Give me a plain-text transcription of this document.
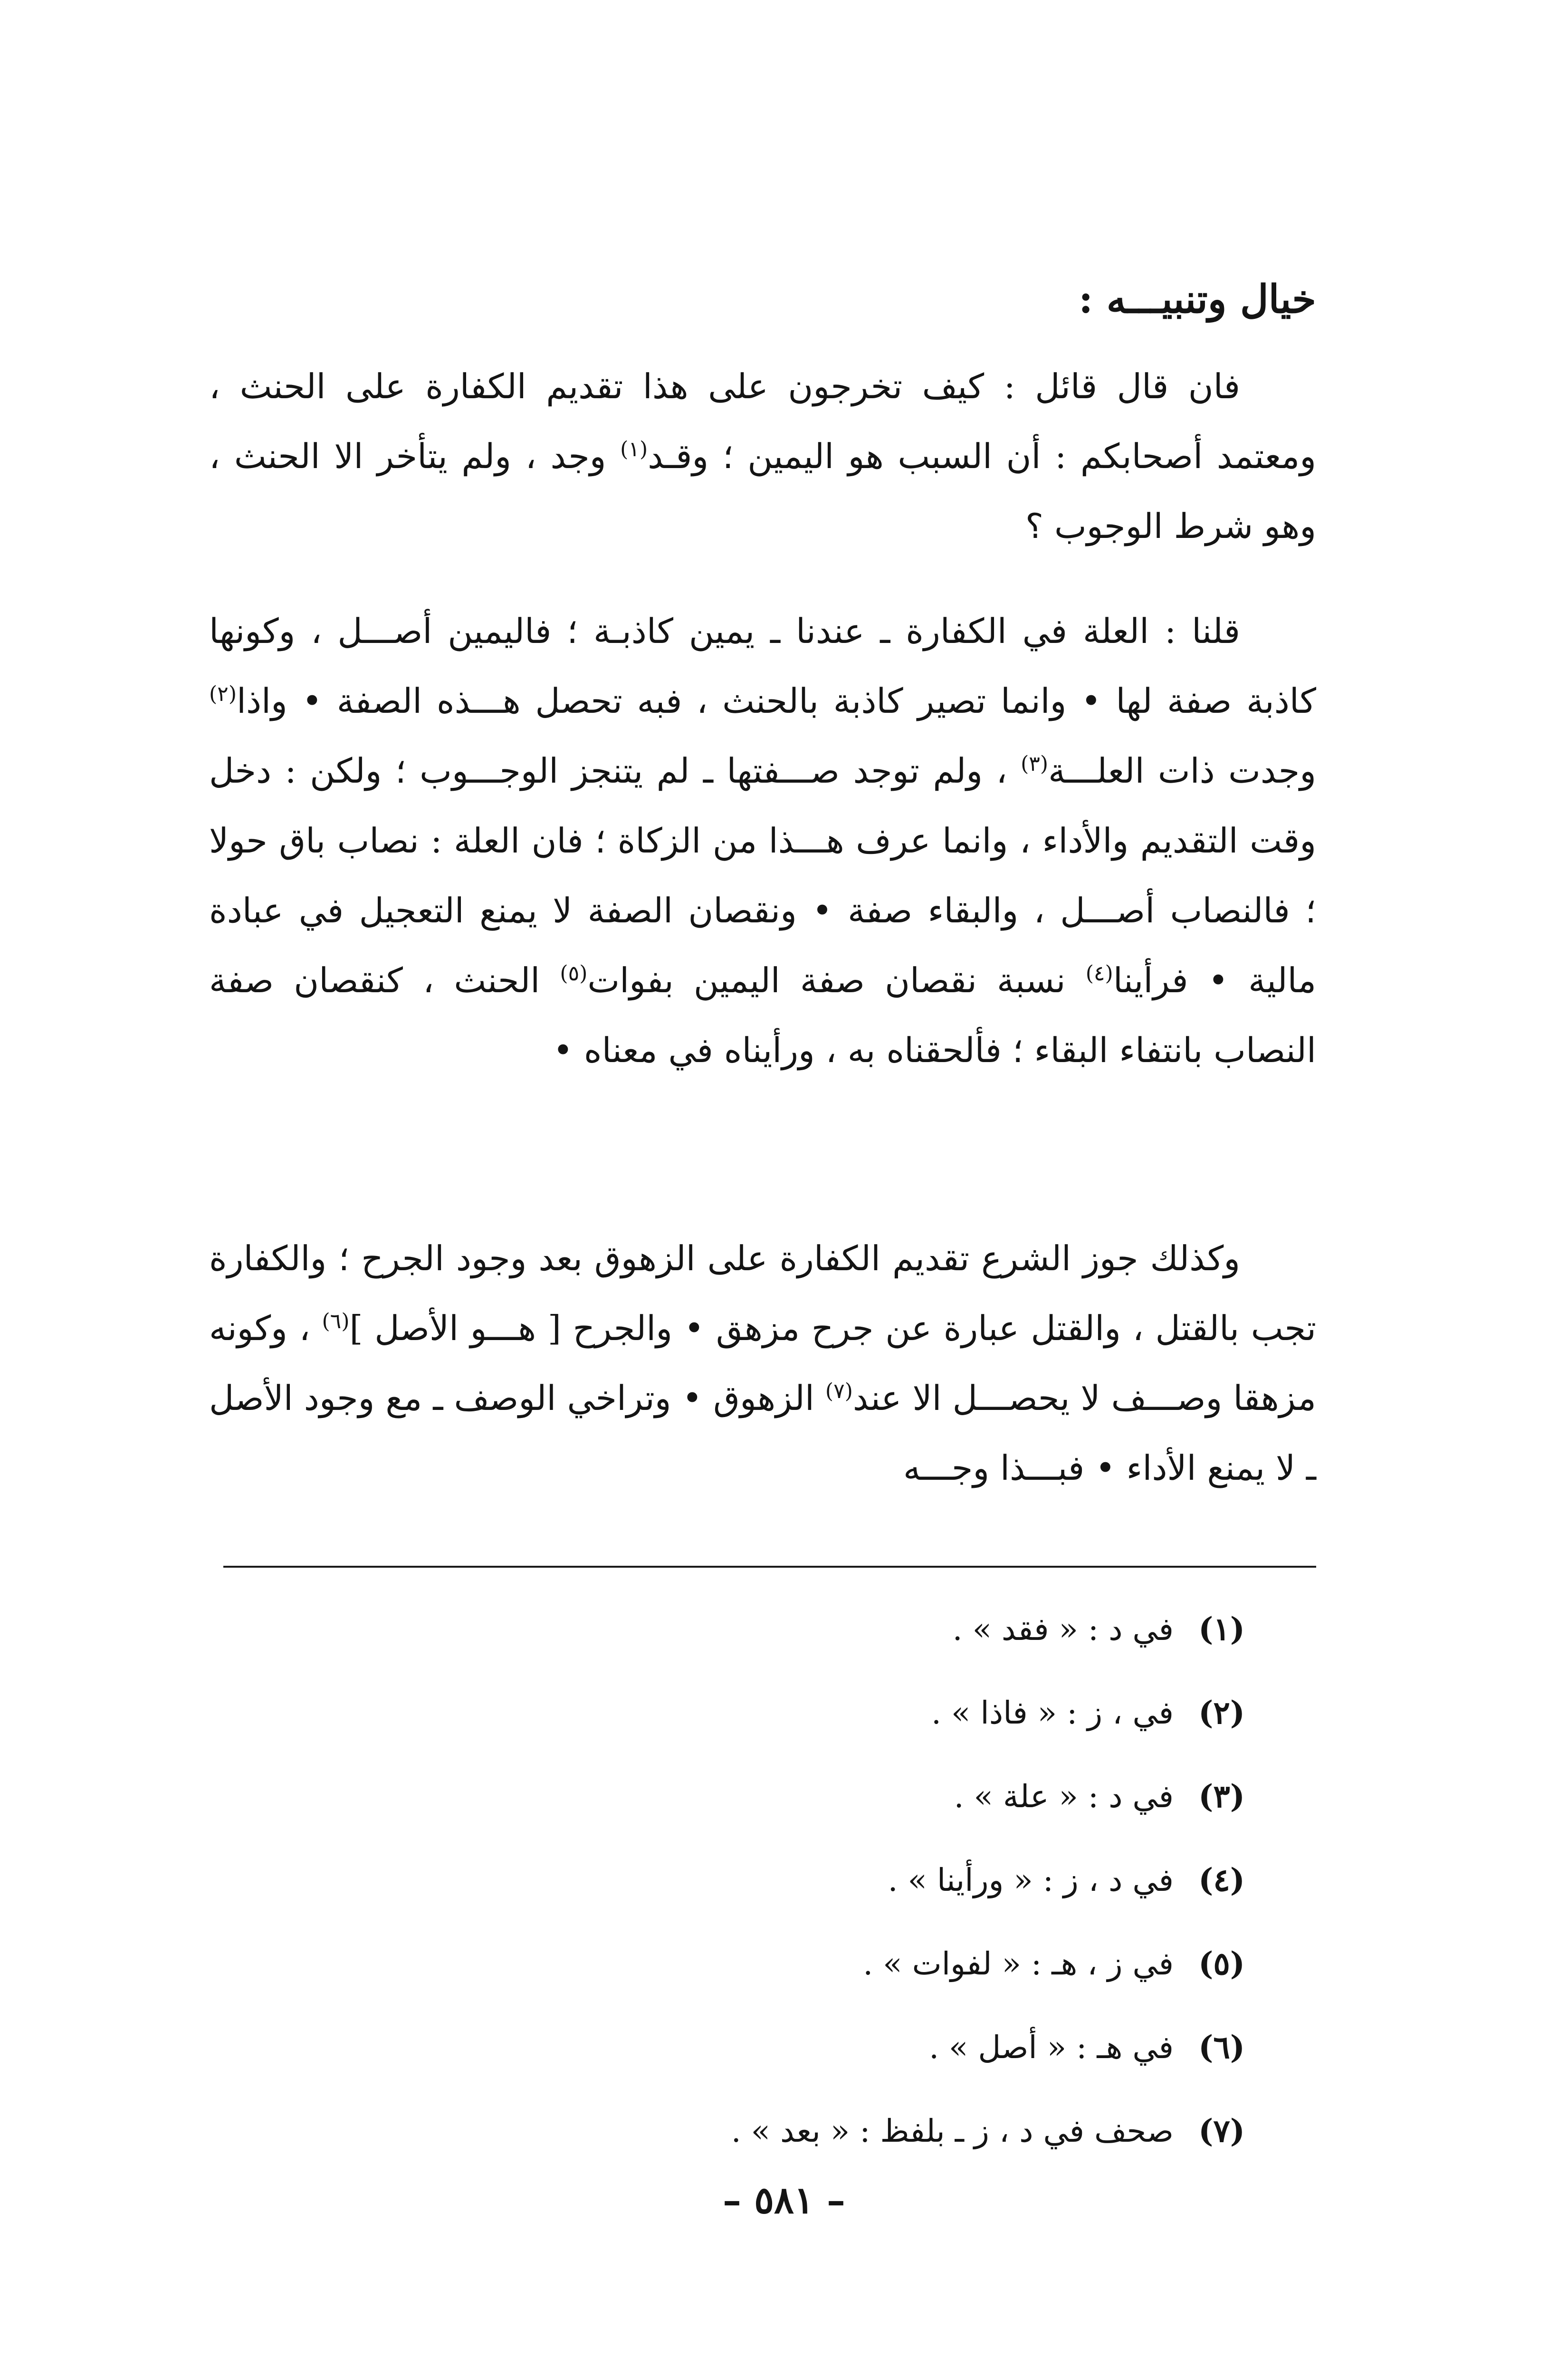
خيال وتنبيـــه :

فان قال قائل : كيف تخرجون على هذا تقديم الكفارة على الحنث ، ومعتمد أصحابكم : أن السبب هو اليمين ؛ وقـد$^{(١)}$ وجد ، ولم يتأخر الا الحنث ، وهو شرط الوجوب ؟

قلنا : العلة في الكفارة ـ عندنا ـ يمين كاذبـة ؛ فاليمين أصـــل ، وكونها كاذبة صفة لها • وانما تصير كاذبة بالحنث ، فبه تحصل هـــذه الصفة • واذا$^{(٢)}$ وجدت ذات العلـــة$^{(٣)}$ ، ولم توجد صـــفتها ـ لم يتنجز الوجـــوب ؛ ولكن : دخل وقت التقديم والأداء ، وانما عرف هـــذا من الزكاة ؛ فان العلة : نصاب باق حولا ؛ فالنصاب أصـــل ، والبقاء صفة • ونقصان الصفة لا يمنع التعجيل في عبادة مالية • فرأينا$^{(٤)}$ نسبة نقصان صفة اليمين بفوات$^{(٥)}$ الحنث ، كنقصان صفة النصاب بانتفاء البقاء ؛ فألحقناه به ، ورأيناه في معناه •

وكذلك جوز الشرع تقديم الكفارة على الزهوق بعد وجود الجرح ؛ والكفارة تجب بالقتل ، والقتل عبارة عن جرح مزهق • والجرح [ هـــو الأصل ]$^{(٦)}$ ، وكونه مزهقا وصـــف لا يحصـــل الا عند$^{(٧)}$ الزهوق • وتراخي الوصف ـ مع وجود الأصل ـ لا يمنع الأداء • فبـــذا وجـــه

(١)في د : « فقد » .
(٢)في ، ز : « فاذا » .
(٣)في د : « علة » .
(٤)في د ، ز : « ورأينا » .
(٥)في ز ، هـ : « لفوات » .
(٦)في هـ : « أصل » .
(٧)صحف في د ، ز ـ بلفظ : « بعد » .
– ٥٨١ –
